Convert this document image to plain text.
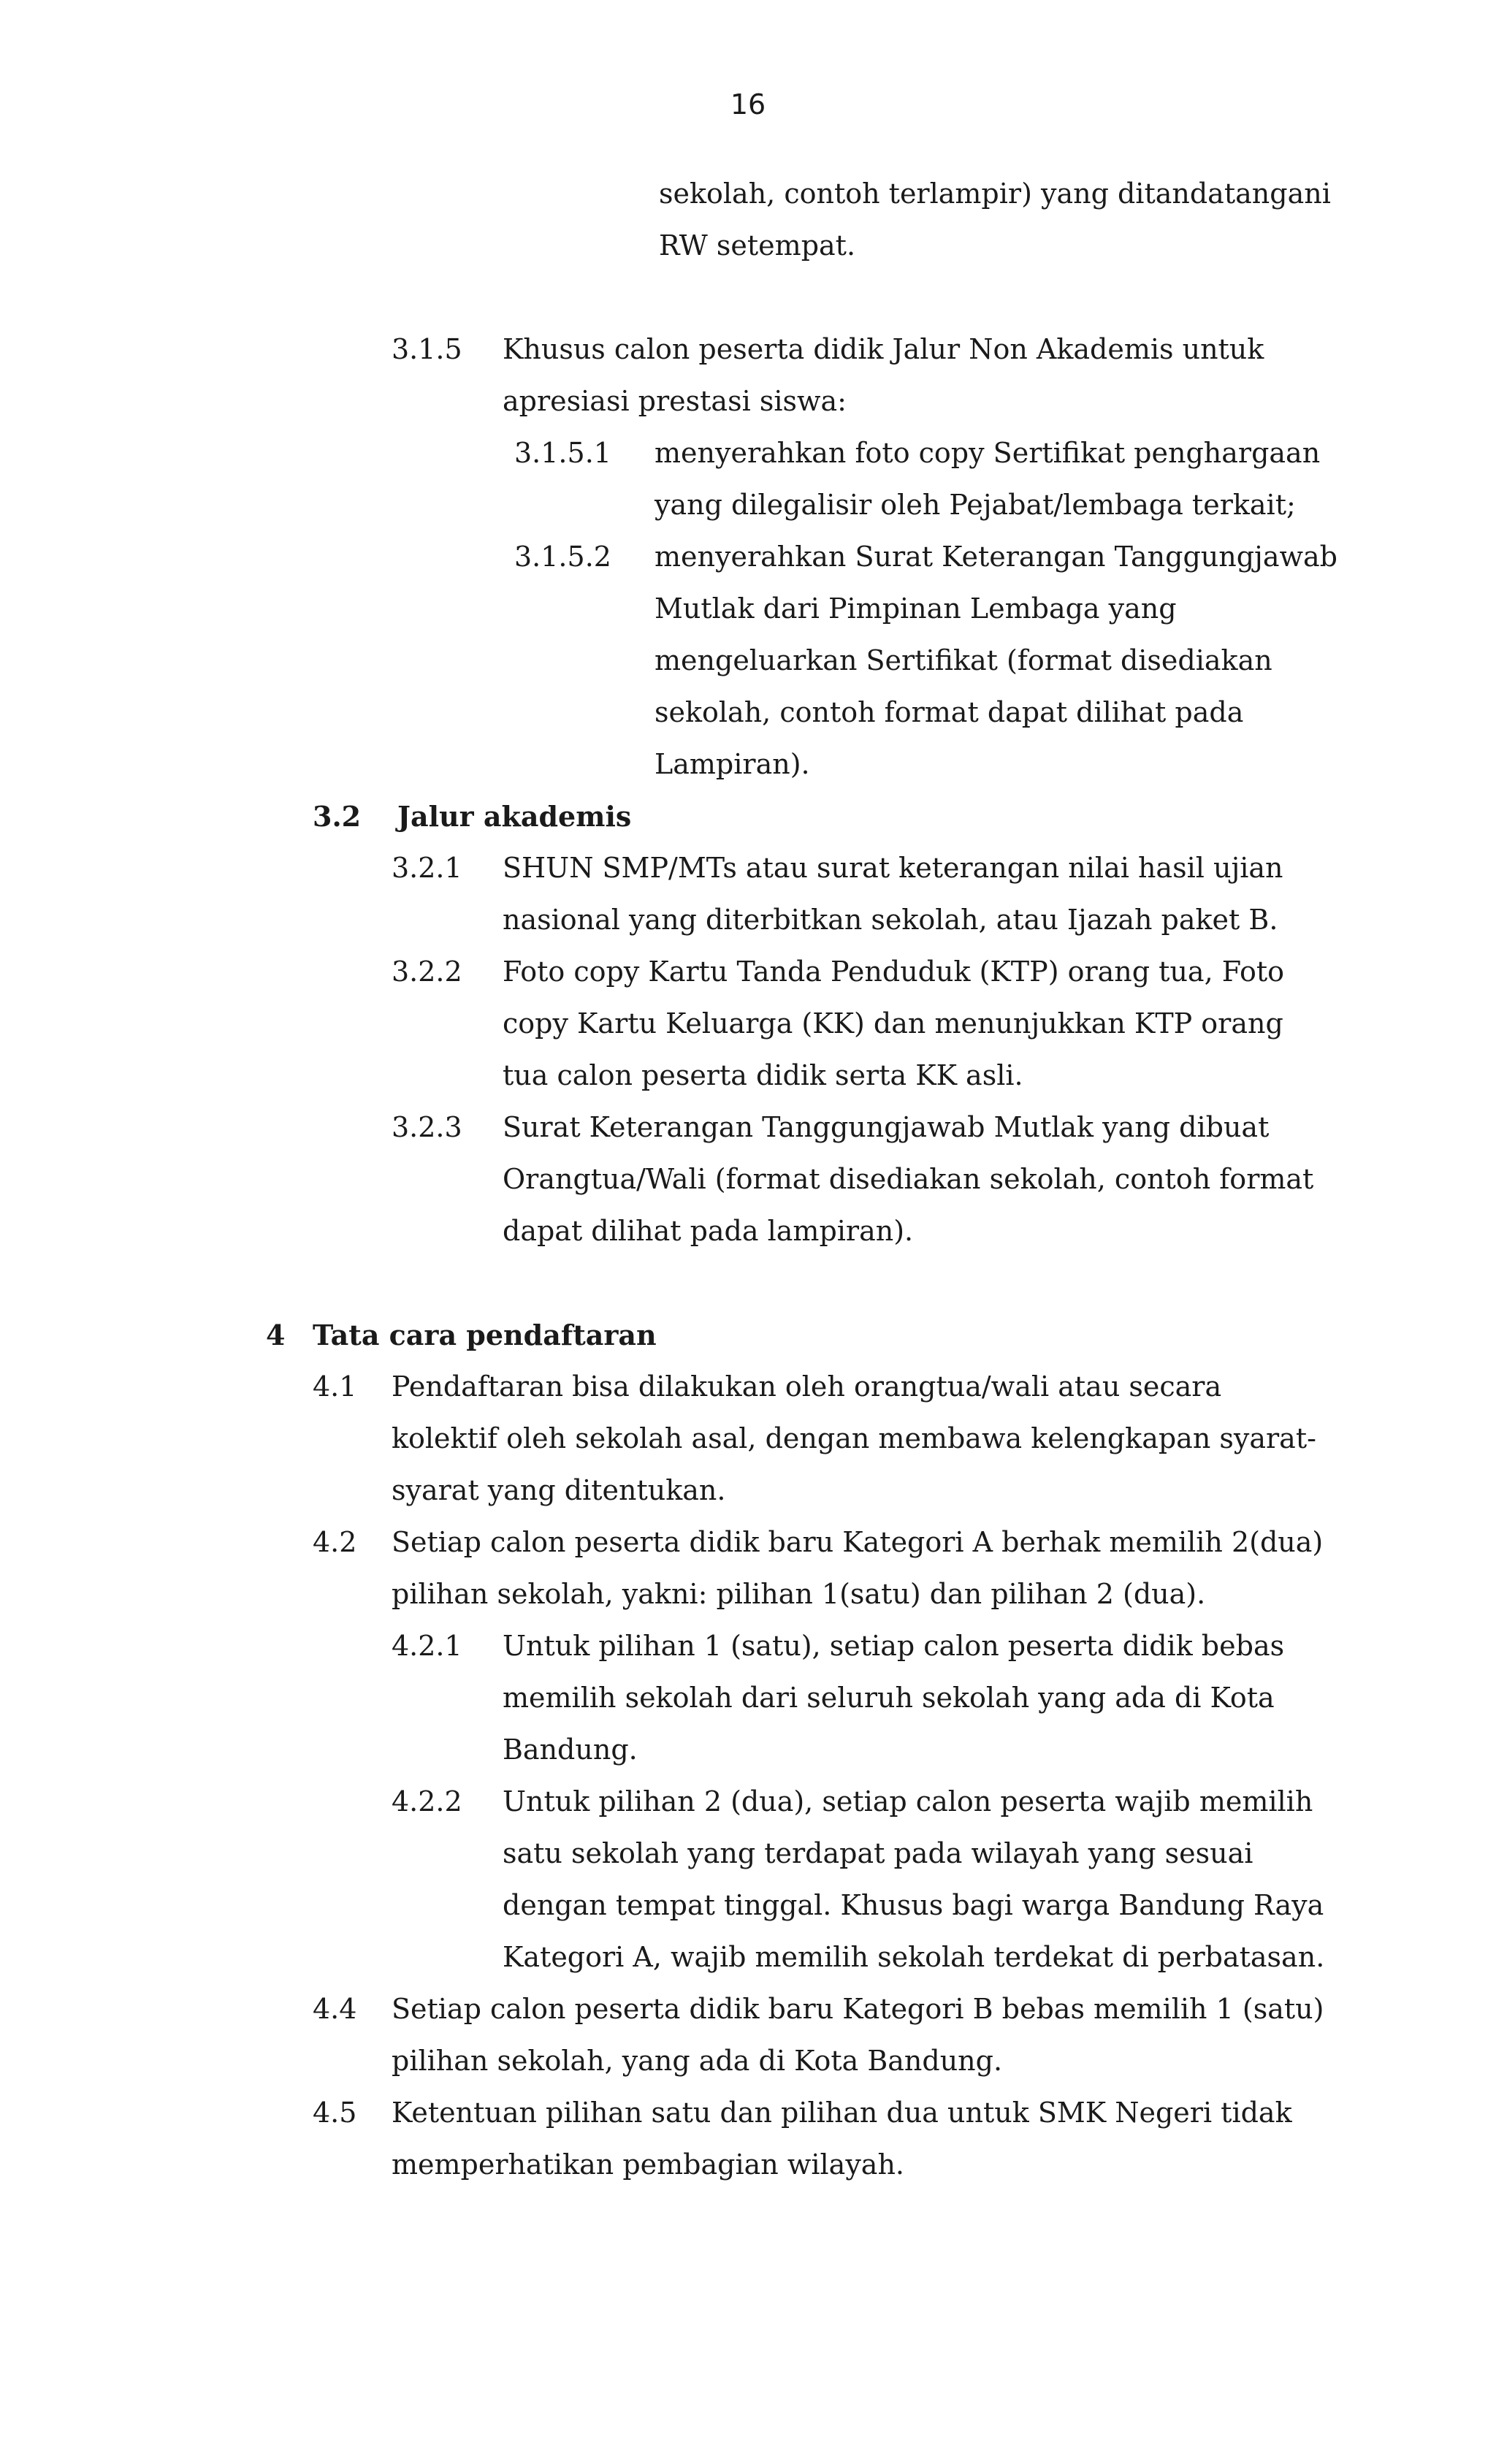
16
sekolah, contoh terlampir) yang ditandatangani
RW setempat.
3.1.5 Khusus calon peserta didik Jalur Non Akademis untuk
apresiasi prestasi siswa:
3.1.5.1 menyerahkan foto copy Sertifikat penghargaan
yang dilegalisir oleh Pejabat/lembaga terkait;
3.1.5.2 menyerahkan Surat Keterangan Tanggungjawab
Mutlak dari Pimpinan Lembaga yang
mengeluarkan Sertifikat (format disediakan
sekolah, contoh format dapat dilihat pada
Lampiran).
3.2 Jalur akademis
3.2.1 SHUN SMP/MTs atau surat keterangan nilai hasil ujian
nasional yang diterbitkan sekolah, atau Ijazah paket B.
3.2.2 Foto copy Kartu Tanda Penduduk (KTP) orang tua, Foto
copy Kartu Keluarga (KK) dan menunjukkan KTP orang
tua calon peserta didik serta KK asli.
3.2.3 Surat Keterangan Tanggungjawab Mutlak yang dibuat
Orangtua/Wali (format disediakan sekolah, contoh format
dapat dilihat pada lampiran).
4 Tata cara pendaftaran
4.1 Pendaftaran bisa dilakukan oleh orangtua/wali atau secara
kolektif oleh sekolah asal, dengan membawa kelengkapan syarat-
syarat yang ditentukan.
4.2 Setiap calon peserta didik baru Kategori A berhak memilih 2(dua)
pilihan sekolah, yakni: pilihan 1(satu) dan pilihan 2 (dua).
4.2.1 Untuk pilihan 1 (satu), setiap calon peserta didik bebas
memilih sekolah dari seluruh sekolah yang ada di Kota
Bandung.
4.2.2 Untuk pilihan 2 (dua), setiap calon peserta wajib memilih
satu sekolah yang terdapat pada wilayah yang sesuai
dengan tempat tinggal. Khusus bagi warga Bandung Raya
Kategori A, wajib memilih sekolah terdekat di perbatasan.
4.4 Setiap calon peserta didik baru Kategori B bebas memilih 1 (satu)
pilihan sekolah, yang ada di Kota Bandung.
4.5 Ketentuan pilihan satu dan pilihan dua untuk SMK Negeri tidak
memperhatikan pembagian wilayah.
